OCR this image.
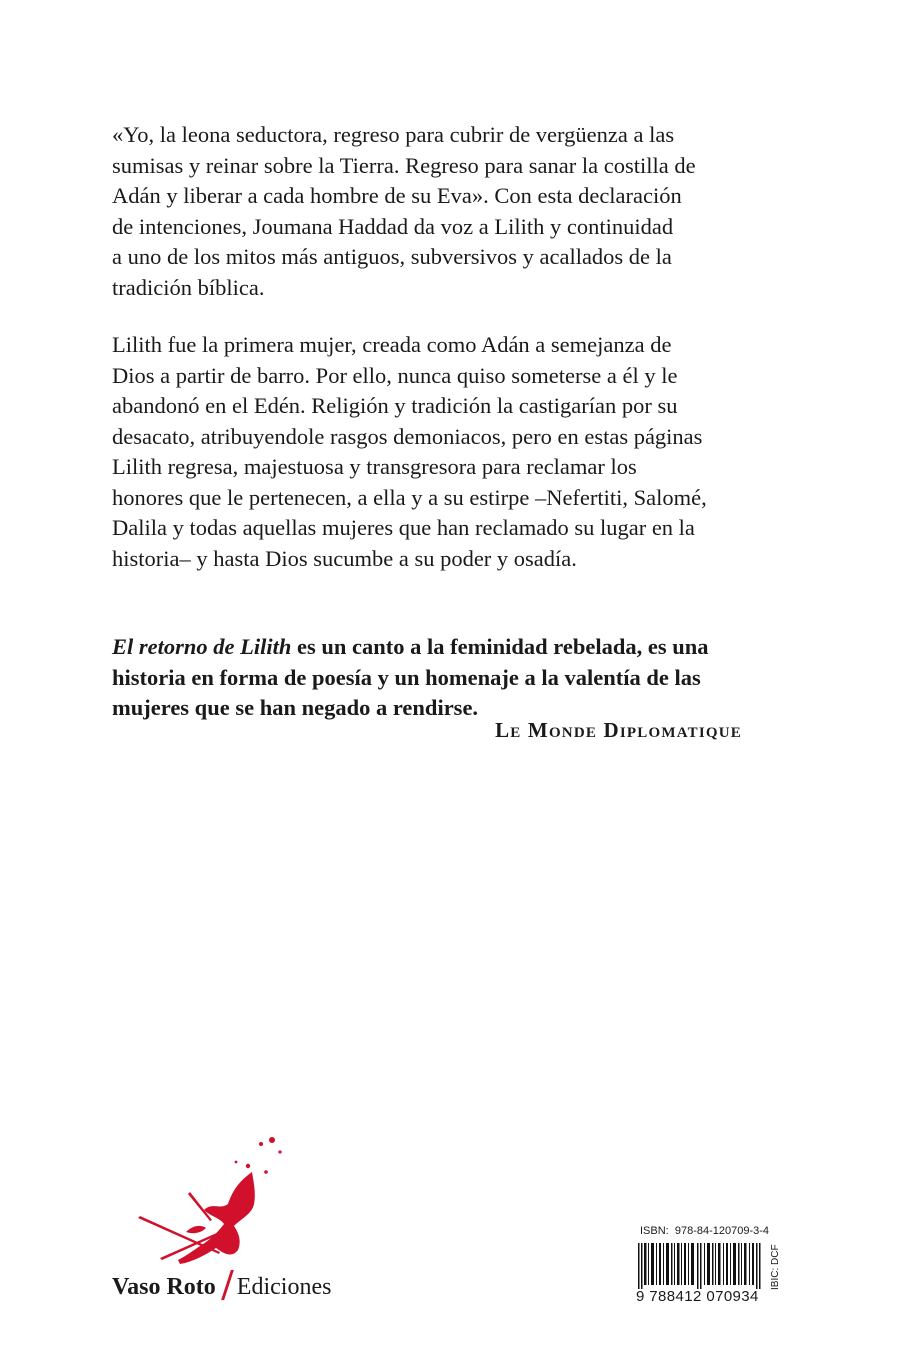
«Yo, la leona seductora, regreso para cubrir de vergüenza a las
sumisas y reinar sobre la Tierra. Regreso para sanar la costilla de
Adán y liberar a cada hombre de su Eva». Con esta declaración
de intenciones, Joumana Haddad da voz a Lilith y continuidad
a uno de los mitos más antiguos, subversivos y acallados de la
tradición bíblica.
Lilith fue la primera mujer, creada como Adán a semejanza de
Dios a partir de barro. Por ello, nunca quiso someterse a él y le
abandonó en el Edén. Religión y tradición la castigarían por su
desacato, atribuyendole rasgos demoniacos, pero en estas páginas
Lilith regresa, majestuosa y transgresora para reclamar los
honores que le pertenecen, a ella y a su estirpe –Nefertiti, Salomé,
Dalila y todas aquellas mujeres que han reclamado su lugar en la
historia– y hasta Dios sucumbe a su poder y osadía.
El retorno de Lilith es un canto a la feminidad rebelada, es una
historia en forma de poesía y un homenaje a la valentía de las
mujeres que se han negado a rendirse.
Le Monde Diplomatique
Vaso Roto Ediciones
ISBN: 978-84-120709-3-4
9 788412 070934
IBIC: DCF
